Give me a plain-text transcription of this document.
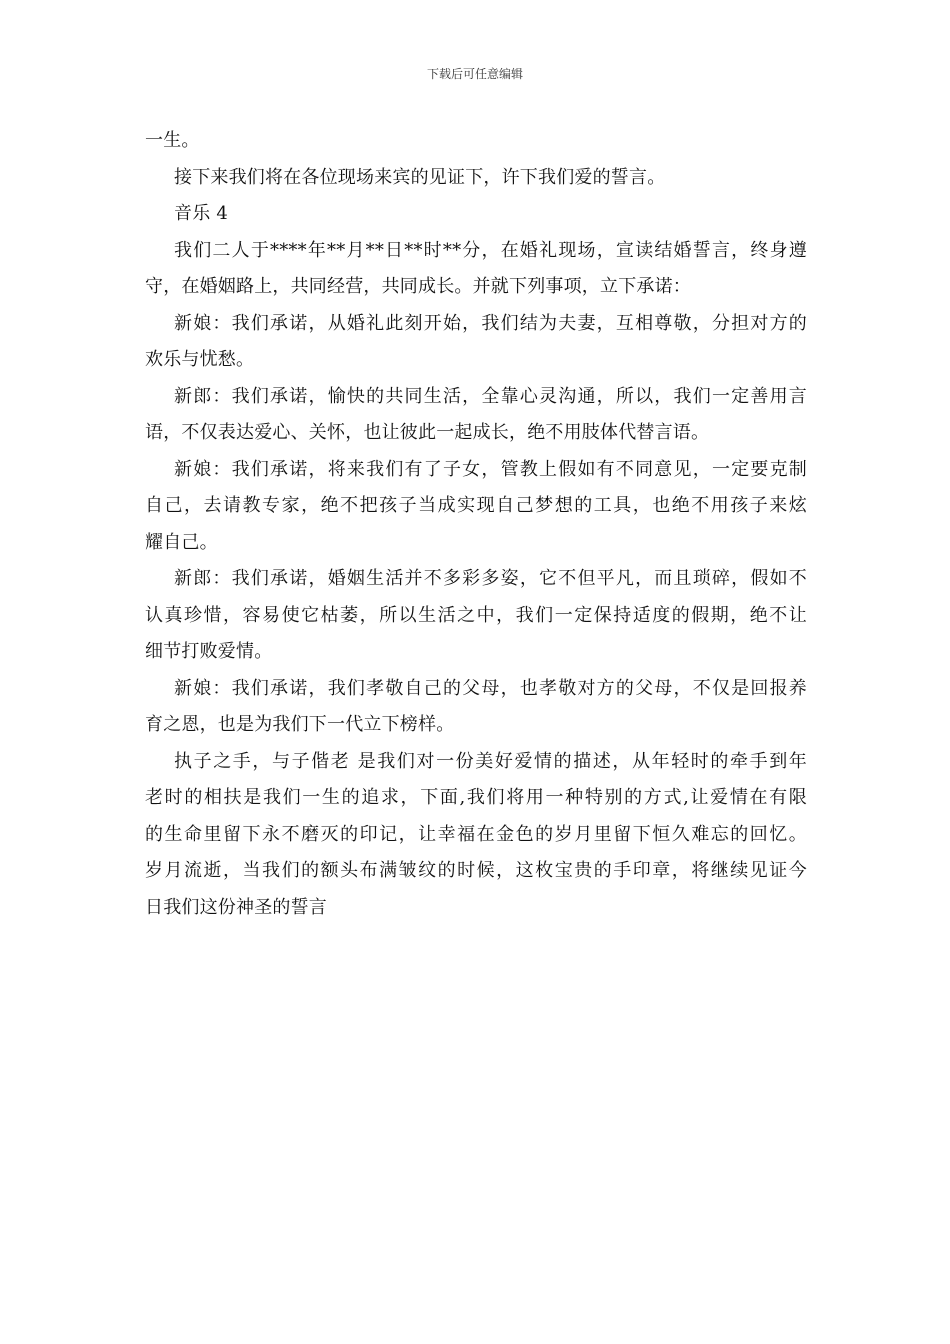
下载后可任意编辑
一生。
接下来我们将在各位现场来宾的见证下，许下我们爱的誓言。
音乐 4
我们二人于****年**月**日**时**分，在婚礼现场，宣读结婚誓言，终身遵
守，在婚姻路上，共同经营，共同成长。并就下列事项，立下承诺：
新娘：我们承诺，从婚礼此刻开始，我们结为夫妻，互相尊敬，分担对方的
欢乐与忧愁。
新郎：我们承诺，愉快的共同生活，全靠心灵沟通，所以，我们一定善用言
语，不仅表达爱心、关怀，也让彼此一起成长，绝不用肢体代替言语。
新娘：我们承诺，将来我们有了子女，管教上假如有不同意见，一定要克制
自己，去请教专家，绝不把孩子当成实现自己梦想的工具，也绝不用孩子来炫
耀自己。
新郎：我们承诺，婚姻生活并不多彩多姿，它不但平凡，而且琐碎，假如不
认真珍惜，容易使它枯萎，所以生活之中，我们一定保持适度的假期，绝不让
细节打败爱情。
新娘：我们承诺，我们孝敬自己的父母，也孝敬对方的父母，不仅是回报养
育之恩，也是为我们下一代立下榜样。
执子之手，与子偕老 是我们对一份美好爱情的描述，从年轻时的牵手到年
老时的相扶是我们一生的追求，下面,我们将用一种特别的方式,让爱情在有限
的生命里留下永不磨灭的印记，让幸福在金色的岁月里留下恒久难忘的回忆。
岁月流逝，当我们的额头布满皱纹的时候，这枚宝贵的手印章，将继续见证今
日我们这份神圣的誓言
